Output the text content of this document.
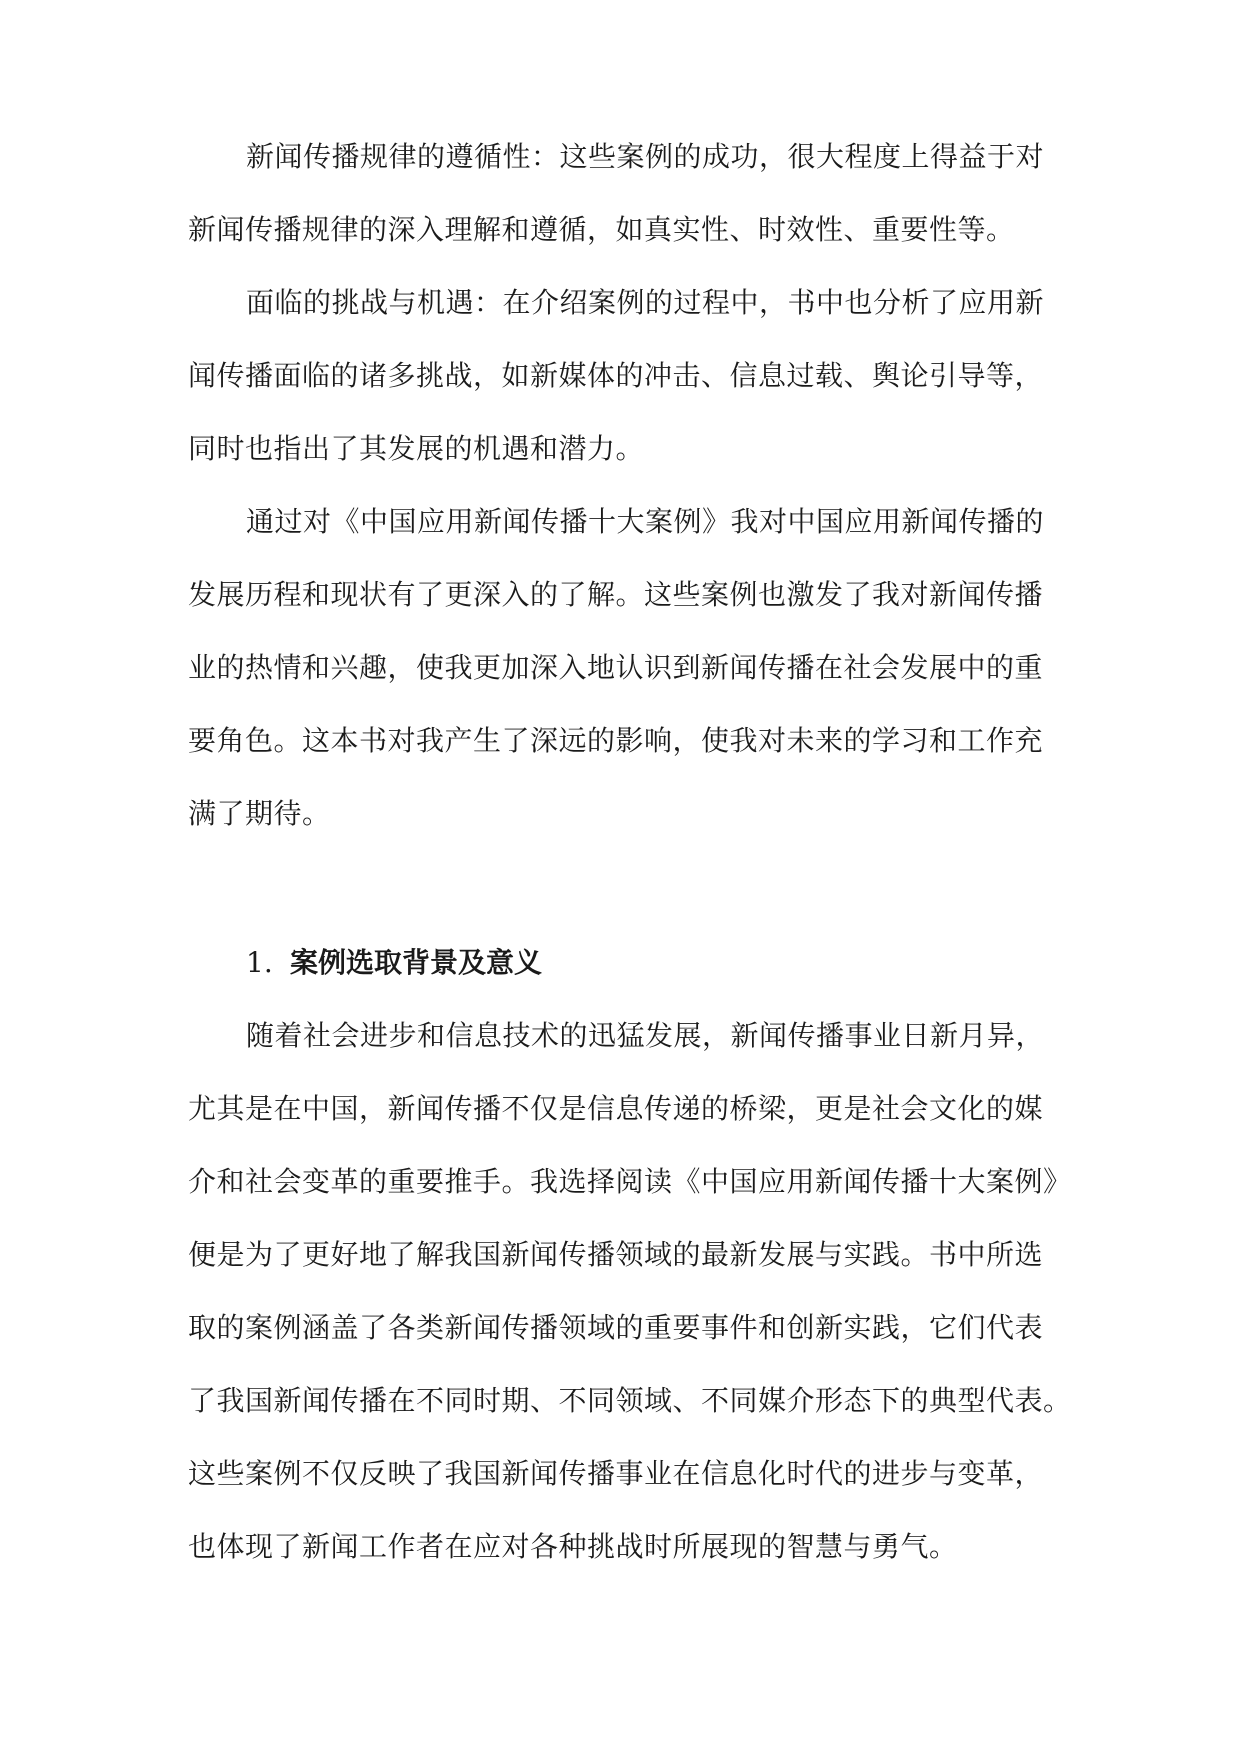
新闻传播规律的遵循性：这些案例的成功，很大程度上得益于对
新闻传播规律的深入理解和遵循，如真实性、时效性、重要性等。
面临的挑战与机遇：在介绍案例的过程中，书中也分析了应用新
闻传播面临的诸多挑战，如新媒体的冲击、信息过载、舆论引导等，
同时也指出了其发展的机遇和潜力。
通过对《中国应用新闻传播十大案例》我对中国应用新闻传播的
发展历程和现状有了更深入的了解。这些案例也激发了我对新闻传播
业的热情和兴趣，使我更加深入地认识到新闻传播在社会发展中的重
要角色。这本书对我产生了深远的影响，使我对未来的学习和工作充
满了期待。
1. 案例选取背景及意义
随着社会进步和信息技术的迅猛发展，新闻传播事业日新月异，
尤其是在中国，新闻传播不仅是信息传递的桥梁，更是社会文化的媒
介和社会变革的重要推手。我选择阅读《中国应用新闻传播十大案例》
便是为了更好地了解我国新闻传播领域的最新发展与实践。书中所选
取的案例涵盖了各类新闻传播领域的重要事件和创新实践，它们代表
了我国新闻传播在不同时期、不同领域、不同媒介形态下的典型代表。
这些案例不仅反映了我国新闻传播事业在信息化时代的进步与变革，
也体现了新闻工作者在应对各种挑战时所展现的智慧与勇气。
